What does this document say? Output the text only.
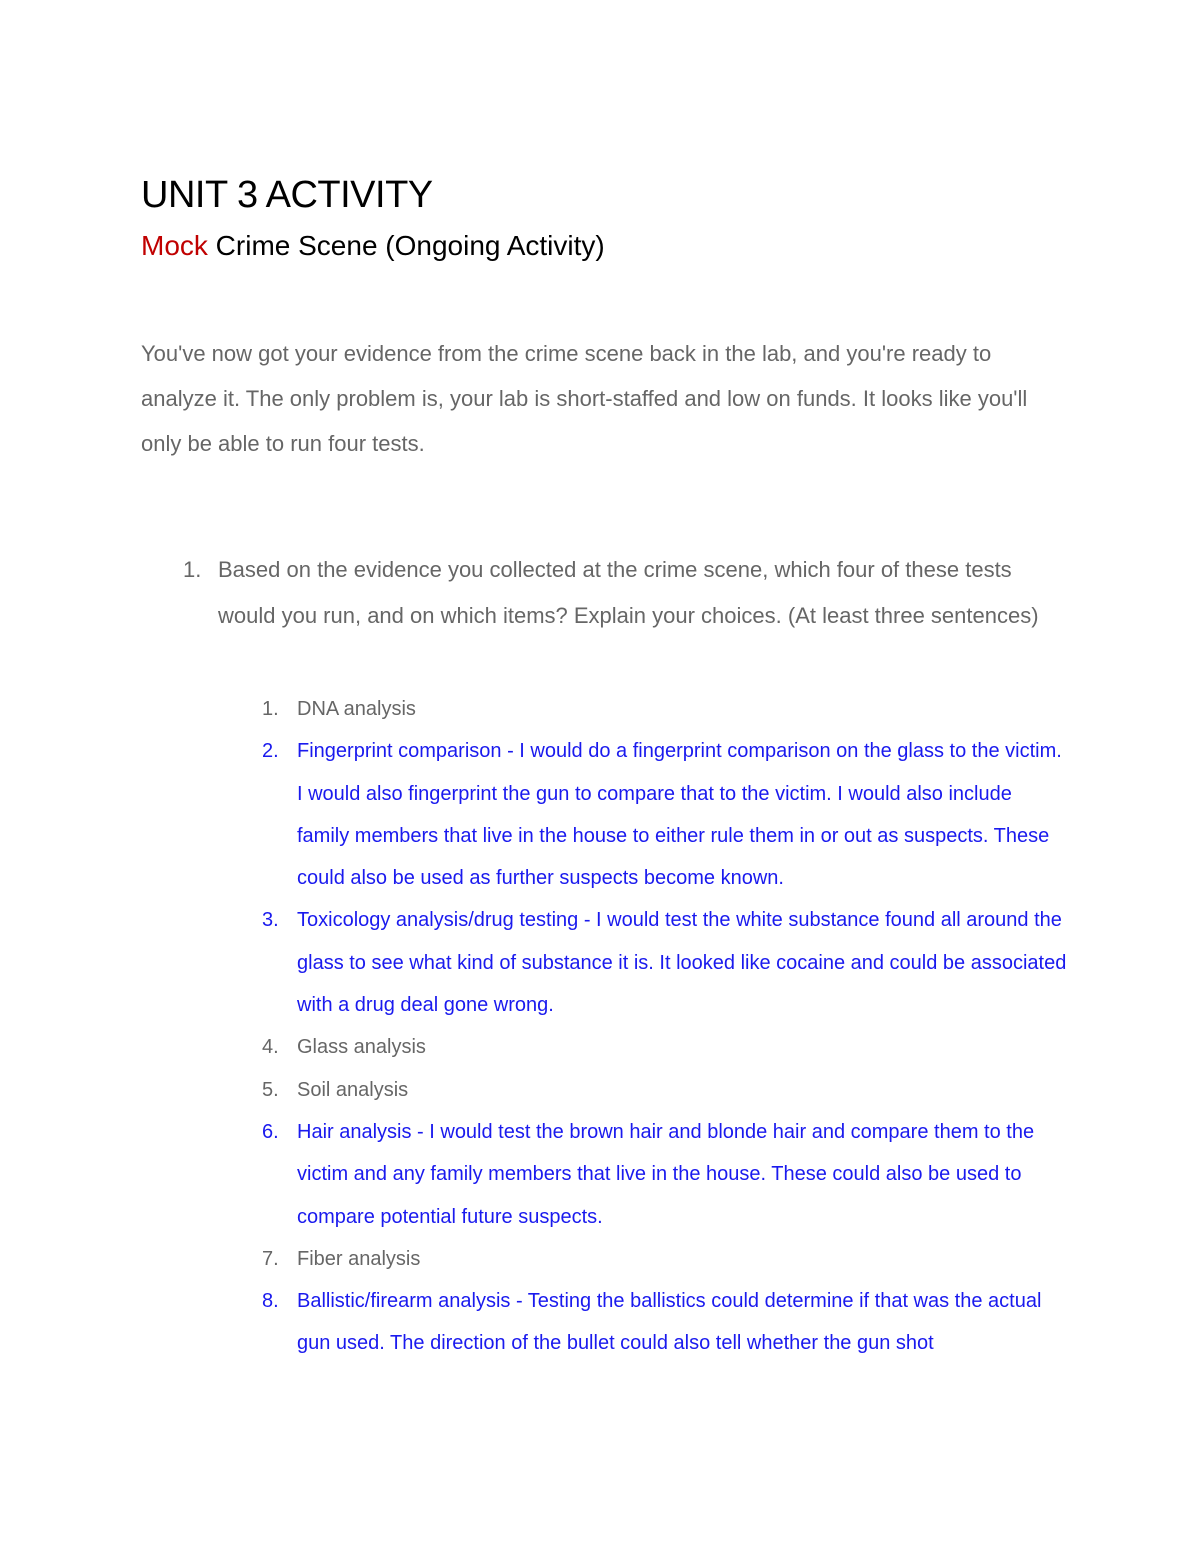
UNIT 3 ACTIVITY
Mock Crime Scene (Ongoing Activity)

You've now got your evidence from the crime scene back in the lab, and you're ready to analyze it. The only problem is, your lab is short-staffed and low on funds. It looks like you'll only be able to run four tests.

1. Based on the evidence you collected at the crime scene, which four of these tests would you run, and on which items? Explain your choices. (At least three sentences)

1. DNA analysis
2. Fingerprint comparison - I would do a fingerprint comparison on the glass to the victim. I would also fingerprint the gun to compare that to the victim. I would also include family members that live in the house to either rule them in or out as suspects. These could also be used as further suspects become known.
3. Toxicology analysis/drug testing - I would test the white substance found all around the glass to see what kind of substance it is. It looked like cocaine and could be associated with a drug deal gone wrong.
4. Glass analysis
5. Soil analysis
6. Hair analysis - I would test the brown hair and blonde hair and compare them to the victim and any family members that live in the house. These could also be used to compare potential future suspects.
7. Fiber analysis
8. Ballistic/firearm analysis - Testing the ballistics could determine if that was the actual gun used. The direction of the bullet could also tell whether the gun shot
